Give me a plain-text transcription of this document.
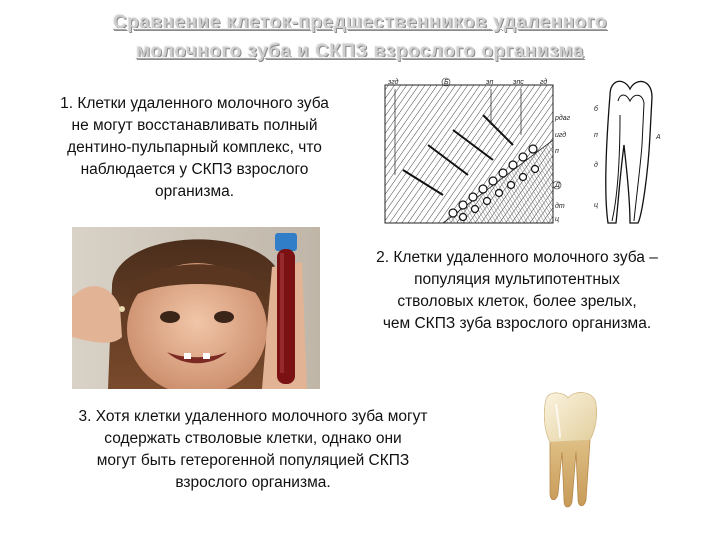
Сравнение клеток-предшественников удаленного
молочного зуба и СКПЗ взрослого организма
1. Клетки удаленного молочного зуба
не могут восстанавливать полный
дентино-пульпарный комплекс, что
наблюдается у СКПЗ взрослого
организма.
згд	Б	эп	эпс гд
рдаг
игд
п
Д
дт
ц
б
А
п
д
ц
2. Клетки удаленного молочного зуба –
популяция мультипотентных
стволовых клеток, более зрелых,
чем СКПЗ зуба взрослого организма.
3. Хотя клетки удаленного молочного зуба могут
содержать стволовые клетки, однако они
могут быть гетерогенной популяцией СКПЗ
взрослого организма.
